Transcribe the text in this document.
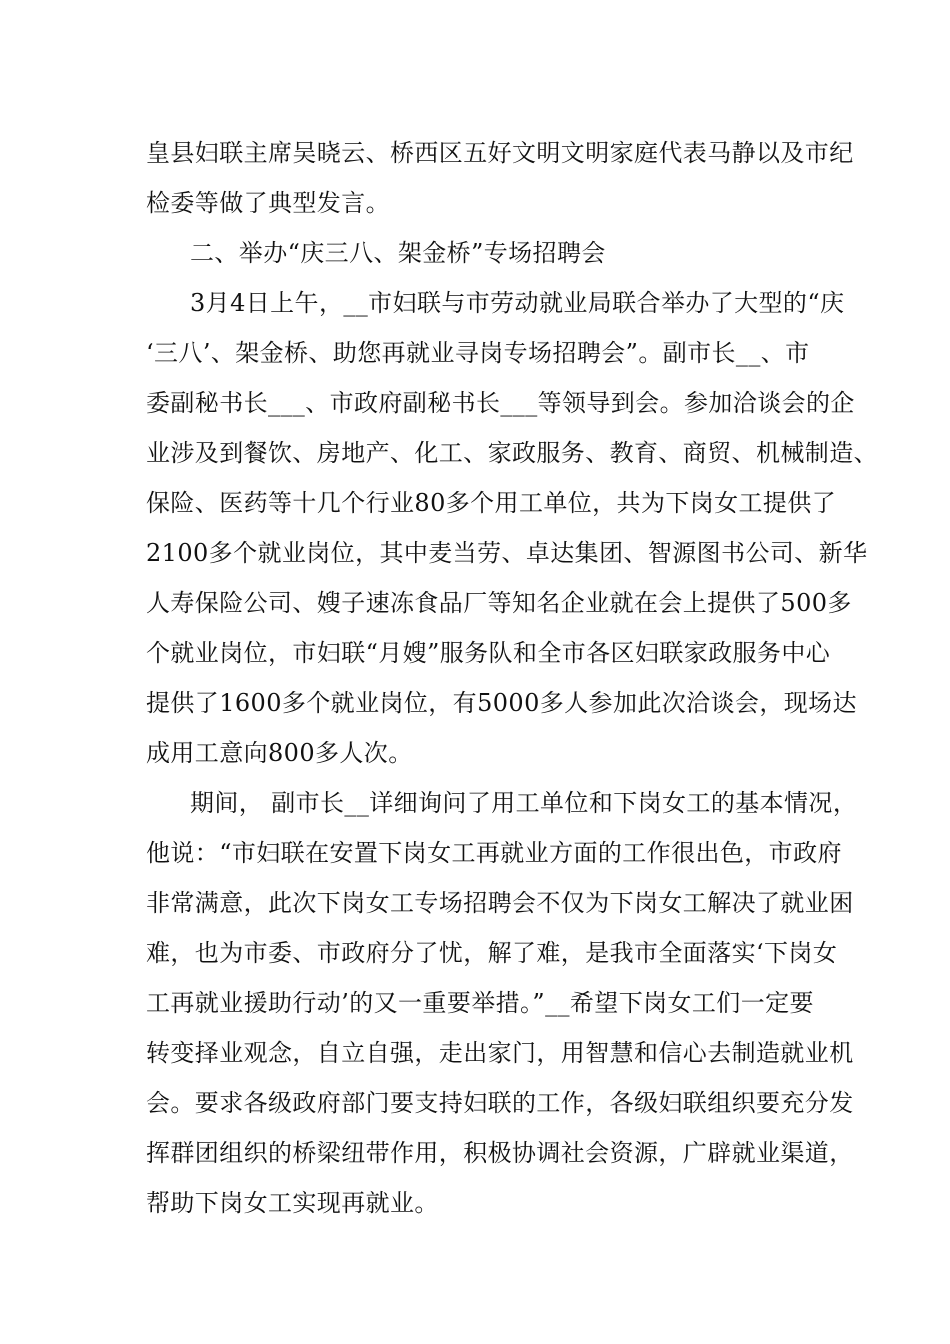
皇县妇联主席吴晓云、桥西区五好文明文明家庭代表马静以及市纪
检委等做了典型发言。
二、举办“庆三八、架金桥”专场招聘会
3月4日上午，__市妇联与市劳动就业局联合举办了大型的“庆
‘三八’、架金桥、助您再就业寻岗专场招聘会”。副市长__、市
委副秘书长___、市政府副秘书长___等领导到会。参加洽谈会的企
业涉及到餐饮、房地产、化工、家政服务、教育、商贸、机械制造、
保险、医药等十几个行业80多个用工单位，共为下岗女工提供了
2100多个就业岗位，其中麦当劳、卓达集团、智源图书公司、新华
人寿保险公司、嫂子速冻食品厂等知名企业就在会上提供了500多
个就业岗位，市妇联“月嫂”服务队和全市各区妇联家政服务中心
提供了1600多个就业岗位，有5000多人参加此次洽谈会，现场达
成用工意向800多人次。
期间， 副市长__详细询问了用工单位和下岗女工的基本情况，
他说：“市妇联在安置下岗女工再就业方面的工作很出色，市政府
非常满意，此次下岗女工专场招聘会不仅为下岗女工解决了就业困
难，也为市委、市政府分了忧，解了难，是我市全面落实‘下岗女
工再就业援助行动’的又一重要举措。”__希望下岗女工们一定要
转变择业观念，自立自强，走出家门，用智慧和信心去制造就业机
会。要求各级政府部门要支持妇联的工作，各级妇联组织要充分发
挥群团组织的桥梁纽带作用，积极协调社会资源，广辟就业渠道，
帮助下岗女工实现再就业。
